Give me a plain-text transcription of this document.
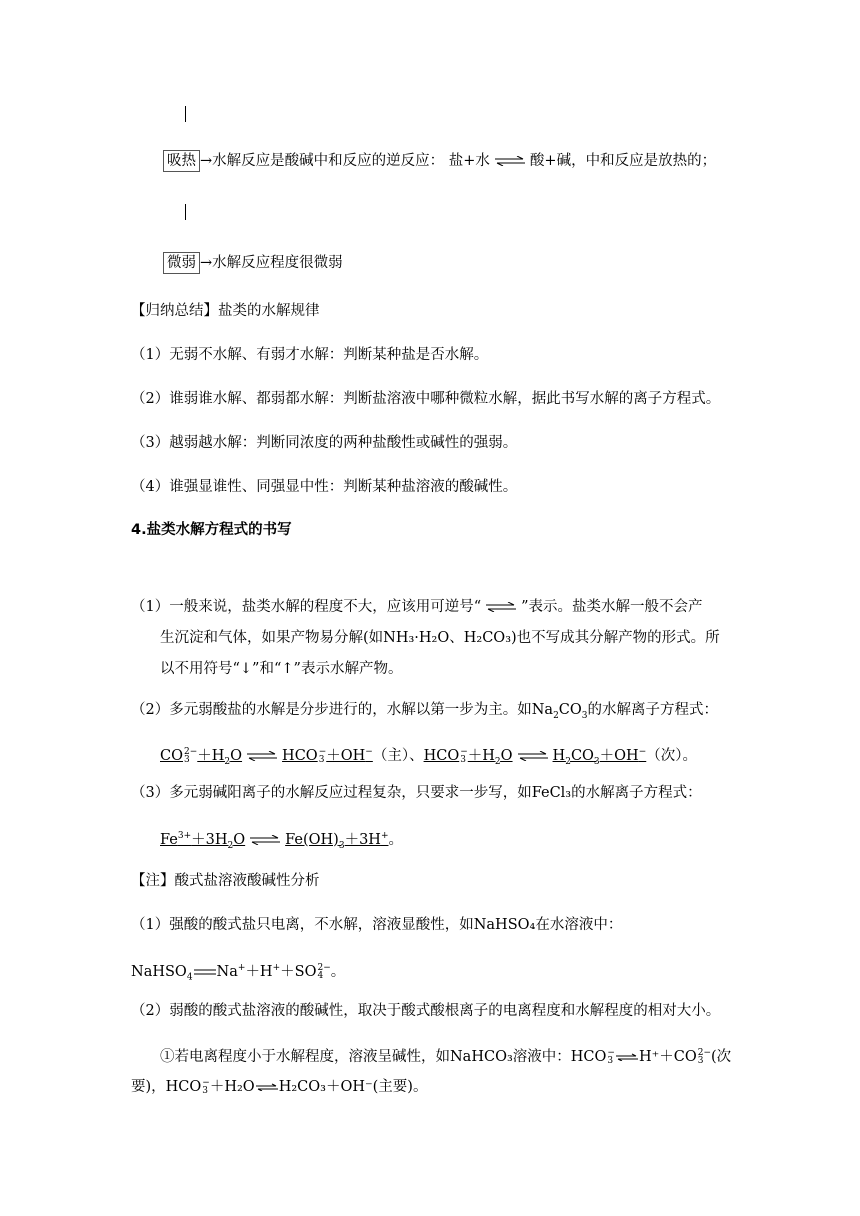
吸热 →水解反应是酸碱中和反应的逆反应： 盐+水 ⇌ 酸+碱，中和反应是放热的；
微弱 →水解反应程度很微弱
【归纳总结】盐类的水解规律
（1）无弱不水解、有弱才水解：判断某种盐是否水解。
（2）谁弱谁水解、都弱都水解：判断盐溶液中哪种微粒水解，据此书写水解的离子方程式。
（3）越弱越水解：判断同浓度的两种盐酸性或碱性的强弱。
（4）谁强显谁性、同强显中性：判断某种盐溶液的酸碱性。
4.盐类水解方程式的书写
（1）一般来说，盐类水解的程度不大，应该用可逆号“ ⇌ ”表示。盐类水解一般不会产
生沉淀和气体，如果产物易分解(如NH₃·H₂O、H₂CO₃)也不写成其分解产物的形式。所
以不用符号“↓”和“↑”表示水解产物。
（2）多元弱酸盐的水解是分步进行的，水解以第一步为主。如$Na_2CO_3$的水解离子方程式：
CO 2−
$3 +H_2O$	HCO −
3 ＋OH−（主）、HCO −
$3 +H_2O$	$H_2CO_3+OH^-$（次）。
（3）多元弱碱阳离子的水解反应过程复杂，只要求一步写，如FeCl₃的水解离子方程式：
$Fe^{3+}+3H_2O$	$Fe(OH)_3+3H^+$。
【注】酸式盐溶液酸碱性分析
（1）强酸的酸式盐只电离，不水解，溶液显酸性，如NaHSO₄在水溶液中：
NaHSO$_4$ Na+＋H+＋SO 2−
4 。
（2）弱酸的酸式盐溶液的酸碱性，取决于酸式酸根离子的电离程度和水解程度的相对大小。
①若电离程度小于水解程度，溶液呈碱性，如NaHCO₃溶液中：HCO −
3 H⁺＋CO 2−
3 (次
要)，HCO −
3 ＋H₂O H₂CO₃＋OH⁻(主要)。
